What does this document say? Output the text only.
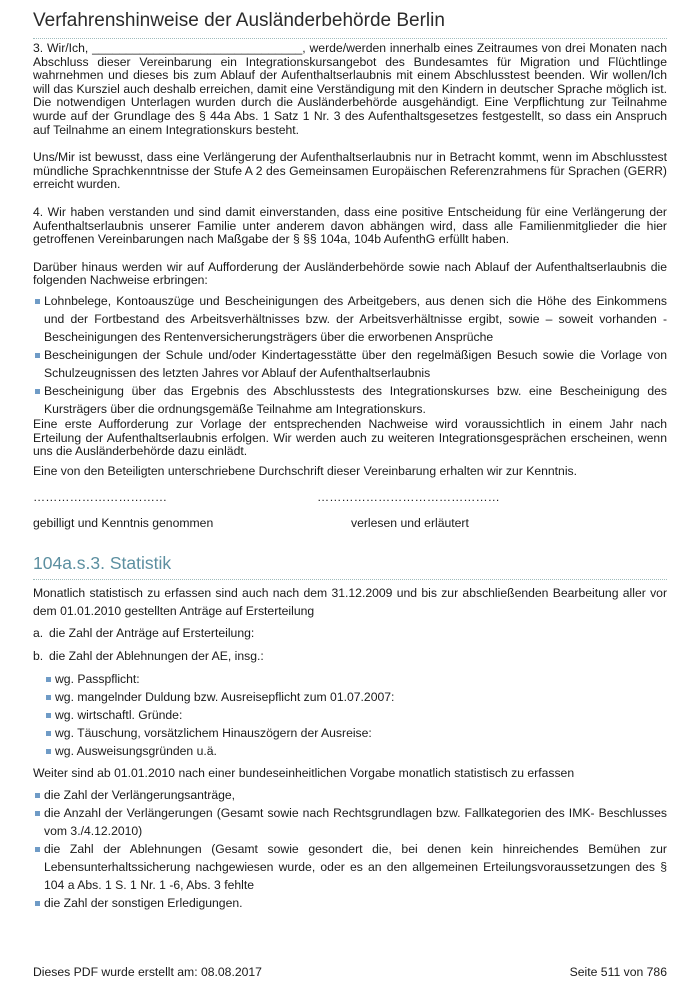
Verfahrenshinweise der Ausländerbehörde Berlin

3. Wir/Ich, _______________________________, werde/werden innerhalb eines Zeitraumes von drei Monaten nach Abschluss dieser Vereinbarung ein Integrationskursangebot des Bundesamtes für Migration und Flüchtlinge wahrnehmen und dieses bis zum Ablauf der Aufenthaltserlaubnis mit einem Abschlusstest beenden. Wir wollen/Ich will das Kursziel auch deshalb erreichen, damit eine Verständigung mit den Kindern in deutscher Sprache möglich ist. Die notwendigen Unterlagen wurden durch die Ausländerbehörde ausgehändigt. Eine Verpflichtung zur Teilnahme wurde auf der Grundlage des § 44a Abs. 1 Satz 1 Nr. 3 des Aufenthaltsgesetzes festgestellt, so dass ein Anspruch auf Teilnahme an einem Integrationskurs besteht.

Uns/Mir ist bewusst, dass eine Verlängerung der Aufenthaltserlaubnis nur in Betracht kommt, wenn im Abschlusstest mündliche Sprachkenntnisse der Stufe A 2 des Gemeinsamen Europäischen Referenzrahmens für Sprachen (GERR) erreicht wurden.

4. Wir haben verstanden und sind damit einverstanden, dass eine positive Entscheidung für eine Verlängerung der Aufenthaltserlaubnis unserer Familie unter anderem davon abhängen wird, dass alle Familienmitglieder die hier getroffenen Vereinbarungen nach Maßgabe der § §§ 104a, 104b AufenthG erfüllt haben.

Darüber hinaus werden wir auf Aufforderung der Ausländerbehörde sowie nach Ablauf der Aufenthaltserlaubnis die folgenden Nachweise erbringen:

Lohnbelege, Kontoauszüge und Bescheinigungen des Arbeitgebers, aus denen sich die Höhe des Einkommens und der Fortbestand des Arbeitsverhältnisses bzw. der Arbeitsverhältnisse ergibt, sowie – soweit vorhanden - Bescheinigungen des Rentenversicherungsträgers über die erworbenen Ansprüche
Bescheinigungen der Schule und/oder Kindertagesstätte über den regelmäßigen Besuch sowie die Vorlage von Schulzeugnissen des letzten Jahres vor Ablauf der Aufenthaltserlaubnis
Bescheinigung über das Ergebnis des Abschlusstests des Integrationskurses bzw. eine Bescheinigung des Kursträgers über die ordnungsgemäße Teilnahme am Integrationskurs.

Eine erste Aufforderung zur Vorlage der entsprechenden Nachweise wird voraussichtlich in einem Jahr nach Erteilung der Aufenthaltserlaubnis erfolgen. Wir werden auch zu weiteren Integrationsgesprächen erscheinen, wenn uns die Ausländerbehörde dazu einlädt.

Eine von den Beteiligten unterschriebene Durchschrift dieser Vereinbarung erhalten wir zur Kenntnis.

……………………………	………………………………………
gebilligt und Kenntnis genommen	verlesen und erläutert
104a.s.3. Statistik

Monatlich statistisch zu erfassen sind auch nach dem 31.12.2009 und bis zur abschließenden Bearbeitung aller vor dem 01.01.2010 gestellten Anträge auf Ersterteilung

a. die Zahl der Anträge auf Ersterteilung:
b. die Zahl der Ablehnungen der AE, insg.:
wg. Passpflicht:
wg. mangelnder Duldung bzw. Ausreisepflicht zum 01.07.2007:
wg. wirtschaftl. Gründe:
wg. Täuschung, vorsätzlichem Hinauszögern der Ausreise:
wg. Ausweisungsgründen u.ä.

Weiter sind ab 01.01.2010 nach einer bundeseinheitlichen Vorgabe monatlich statistisch zu erfassen

die Zahl der Verlängerungsanträge,
die Anzahl der Verlängerungen (Gesamt sowie nach Rechtsgrundlagen bzw. Fallkategorien des IMK- Beschlusses vom 3./4.12.2010)
die Zahl der Ablehnungen (Gesamt sowie gesondert die, bei denen kein hinreichendes Bemühen zur Lebensunterhaltssicherung nachgewiesen wurde, oder es an den allgemeinen Erteilungsvoraussetzungen des § 104 a Abs. 1 S. 1 Nr. 1 -6, Abs. 3 fehlte
die Zahl der sonstigen Erledigungen.
Dieses PDF wurde erstellt am: 08.08.2017	Seite 511 von 786
